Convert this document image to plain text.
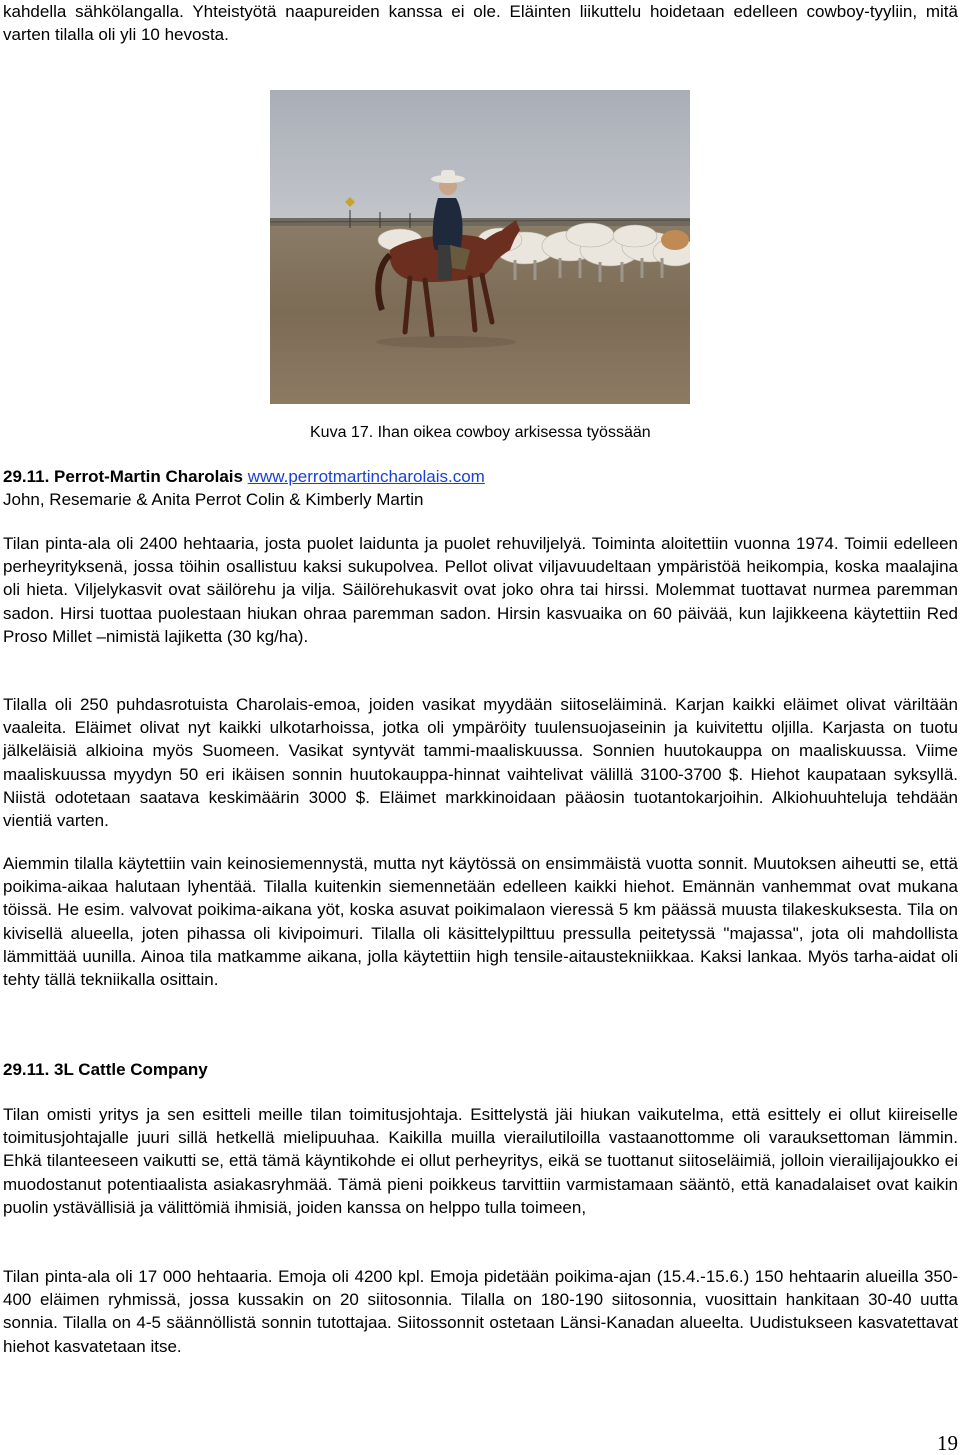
kahdella sähkölangalla. Yhteistyötä naapureiden kanssa ei ole. Eläinten liikuttelu hoidetaan edelleen cowboy-tyyliin, mitä varten tilalla oli yli 10 hevosta.

Kuva 17. Ihan oikea cowboy arkisessa työssään

29.11. Perrot-Martin Charolais www.perrotmartincharolais.com

John, Resemarie & Anita Perrot Colin & Kimberly Martin

Tilan pinta-ala oli 2400 hehtaaria, josta puolet laidunta ja puolet rehuviljelyä. Toiminta aloitettiin vuonna 1974. Toimii edelleen perheyrityksenä, jossa töihin osallistuu kaksi sukupolvea. Pellot olivat viljavuudeltaan ympäristöä heikompia, koska maalajina oli hieta. Viljelykasvit ovat säilörehu ja vilja. Säilörehukasvit ovat joko ohra tai hirssi. Molemmat tuottavat nurmea paremman sadon. Hirsi tuottaa puolestaan hiukan ohraa paremman sadon. Hirsin kasvuaika on 60 päivää, kun lajikkeena käytettiin Red Proso Millet –nimistä lajiketta (30 kg/ha).

Tilalla oli 250 puhdasrotuista Charolais-emoa, joiden vasikat myydään siitoseläiminä. Karjan kaikki eläimet olivat väriltään vaaleita. Eläimet olivat nyt kaikki ulkotarhoissa, jotka oli ympäröity tuulensuojaseinin ja kuivitettu oljilla. Karjasta on tuotu jälkeläisiä alkioina myös Suomeen. Vasikat syntyvät tammi-maaliskuussa. Sonnien huutokauppa on maaliskuussa. Viime maaliskuussa myydyn 50 eri ikäisen sonnin huutokauppa-hinnat vaihtelivat välillä 3100-3700 $. Hiehot kaupataan syksyllä. Niistä odotetaan saatava keskimäärin 3000 $. Eläimet markkinoidaan pääosin tuotantokarjoihin. Alkiohuuhteluja tehdään vientiä varten.

Aiemmin tilalla käytettiin vain keinosiemennystä, mutta nyt käytössä on ensimmäistä vuotta sonnit. Muutoksen aiheutti se, että poikima-aikaa halutaan lyhentää. Tilalla kuitenkin siemennetään edelleen kaikki hiehot. Emännän vanhemmat ovat mukana töissä. He esim. valvovat poikima-aikana yöt, koska asuvat poikimalaon vieressä 5 km päässä muusta tilakeskuksesta. Tila on kivisellä alueella, joten pihassa oli kivipoimuri. Tilalla oli käsittelypilttuu pressulla peitetyssä "majassa", jota oli mahdollista lämmittää uunilla. Ainoa tila matkamme aikana, jolla käytettiin high tensile-aitaustekniikkaa. Kaksi lankaa. Myös tarha-aidat oli tehty tällä tekniikalla osittain.

29.11. 3L Cattle Company

Tilan omisti yritys ja sen esitteli meille tilan toimitusjohtaja. Esittelystä jäi hiukan vaikutelma, että esittely ei ollut kiireiselle toimitusjohtajalle juuri sillä hetkellä mielipuuhaa. Kaikilla muilla vierailutiloilla vastaanottomme oli varauksettoman lämmin. Ehkä tilanteeseen vaikutti se, että tämä käyntikohde ei ollut perheyritys, eikä se tuottanut siitoseläimiä, jolloin vierailijajoukko ei muodostanut potentiaalista asiakasryhmää. Tämä pieni poikkeus tarvittiin varmistamaan sääntö, että kanadalaiset ovat kaikin puolin ystävällisiä ja välittömiä ihmisiä, joiden kanssa on helppo tulla toimeen,

Tilan pinta-ala oli 17 000 hehtaaria. Emoja oli 4200 kpl. Emoja pidetään poikima-ajan (15.4.-15.6.) 150 hehtaarin alueilla 350-400 eläimen ryhmissä, jossa kussakin on 20 siitosonnia. Tilalla on 180-190 siitosonnia, vuosittain hankitaan 30-40 uutta sonnia. Tilalla on 4-5 säännöllistä sonnin tutottajaa. Siitossonnit ostetaan Länsi-Kanadan alueelta. Uudistukseen kasvatettavat hiehot kasvatetaan itse.

19
